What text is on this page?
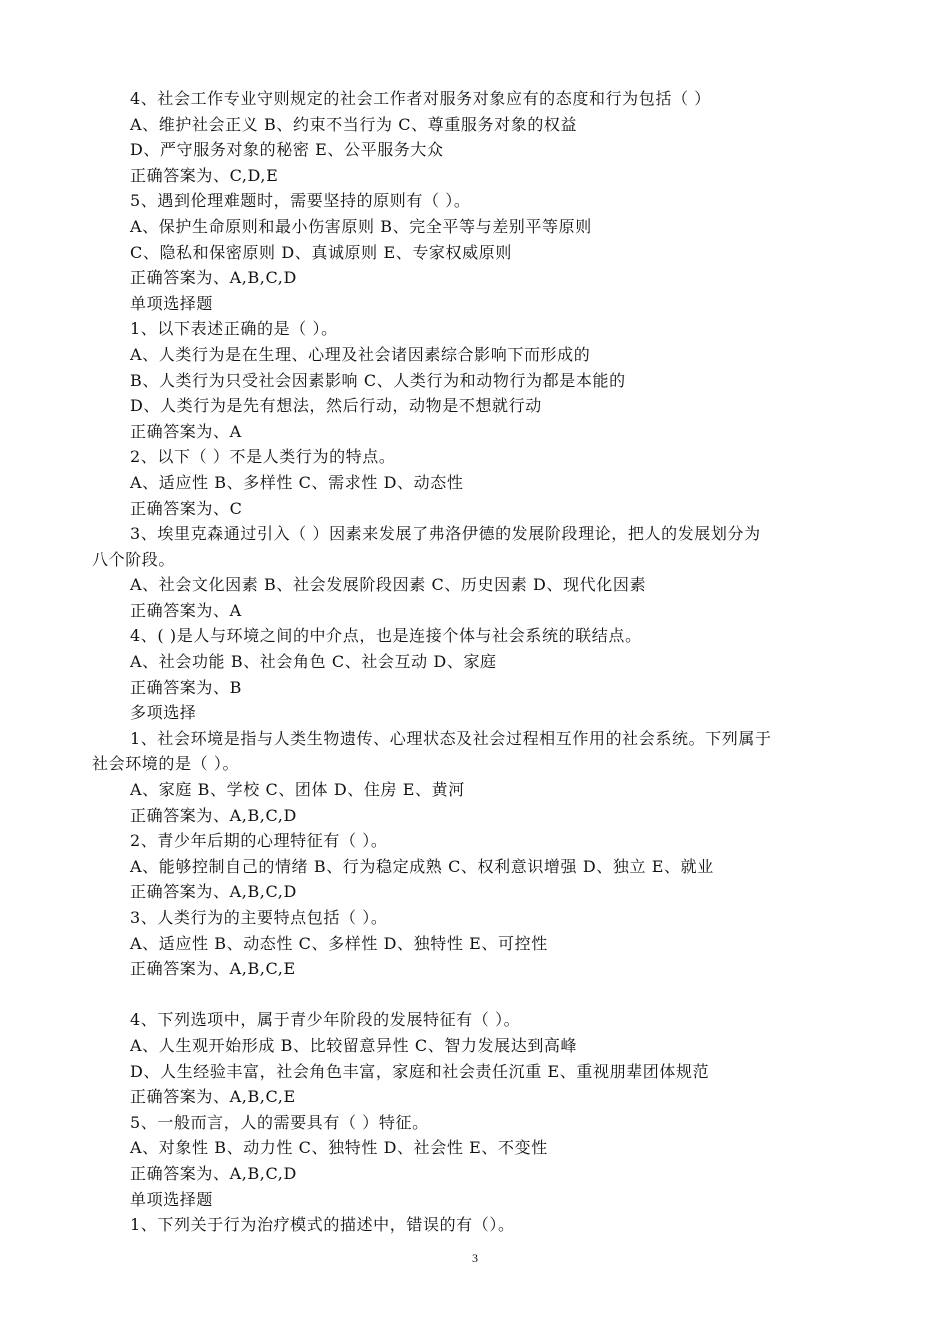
4、社会工作专业守则规定的社会工作者对服务对象应有的态度和行为包括（ ）
A、维护社会正义 B、约束不当行为 C、尊重服务对象的权益
D、严守服务对象的秘密 E、公平服务大众
正确答案为、C,D,E
5、遇到伦理难题时，需要坚持的原则有（ ）。
A、保护生命原则和最小伤害原则 B、完全平等与差别平等原则
C、隐私和保密原则 D、真诚原则 E、专家权威原则
正确答案为、A,B,C,D
单项选择题
1、以下表述正确的是（ ）。
A、人类行为是在生理、心理及社会诸因素综合影响下而形成的
B、人类行为只受社会因素影响 C、人类行为和动物行为都是本能的
D、人类行为是先有想法，然后行动，动物是不想就行动
正确答案为、A
2、以下（ ）不是人类行为的特点。
A、适应性 B、多样性 C、需求性 D、动态性
正确答案为、C
3、埃里克森通过引入（ ）因素来发展了弗洛伊德的发展阶段理论，把人的发展划分为
八个阶段。
A、社会文化因素 B、社会发展阶段因素 C、历史因素 D、现代化因素
正确答案为、A
4、( )是人与环境之间的中介点，也是连接个体与社会系统的联结点。
A、社会功能 B、社会角色 C、社会互动 D、家庭
正确答案为、B
多项选择
1、社会环境是指与人类生物遗传、心理状态及社会过程相互作用的社会系统。下列属于
社会环境的是（ ）。
A、家庭 B、学校 C、团体 D、住房 E、黄河
正确答案为、A,B,C,D
2、青少年后期的心理特征有（ ）。
A、能够控制自己的情绪 B、行为稳定成熟 C、权利意识增强 D、独立 E、就业
正确答案为、A,B,C,D
3、人类行为的主要特点包括（ ）。
A、适应性 B、动态性 C、多样性 D、独特性 E、可控性
正确答案为、A,B,C,E
4、下列选项中，属于青少年阶段的发展特征有（ ）。
A、人生观开始形成 B、比较留意异性 C、智力发展达到高峰
D、人生经验丰富，社会角色丰富，家庭和社会责任沉重 E、重视朋辈团体规范
正确答案为、A,B,C,E
5、一般而言，人的需要具有（ ）特征。
A、对象性 B、动力性 C、独特性 D、社会性 E、不变性
正确答案为、A,B,C,D
单项选择题
1、下列关于行为治疗模式的描述中，错误的有（）。
3
